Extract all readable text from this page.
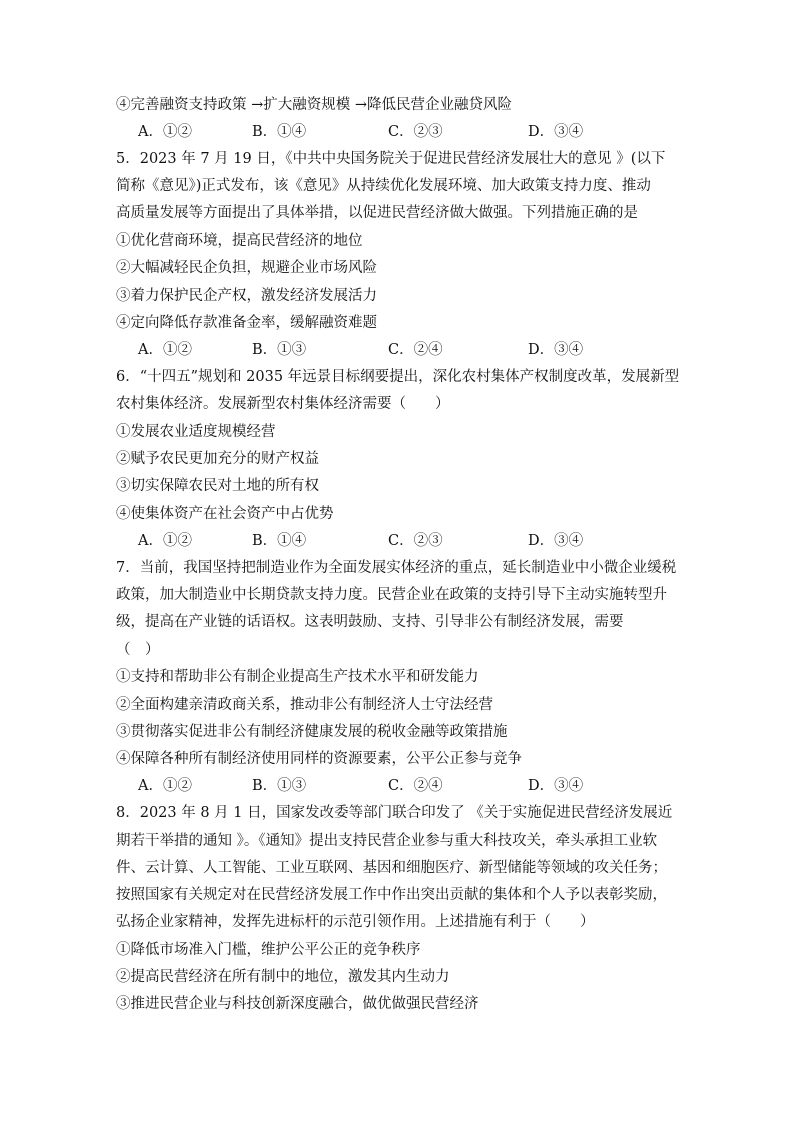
④完善融资支持政策 →扩大融资规模 →降低民营企业融贷风险
A．①②	B．①④	C．②③	D．③④
5．2023 年 7 月 19 日，《中共中央国务院关于促进民营经济发展壮大的意见 》(以下
简称《意见》)正式发布，该《意见》从持续优化发展环境、加大政策支持力度、推动
高质量发展等方面提出了具体举措，以促进民营经济做大做强。下列措施正确的是
①优化营商环境，提高民营经济的地位
②大幅减轻民企负担，规避企业市场风险
③着力保护民企产权，激发经济发展活力
④定向降低存款准备金率，缓解融资难题
A．①②	B．①③	C．②④	D．③④
6．“十四五”规划和 2035 年远景目标纲要提出，深化农村集体产权制度改革，发展新型
农村集体经济。发展新型农村集体经济需要（　　）
①发展农业适度规模经营
②赋予农民更加充分的财产权益
③切实保障农民对土地的所有权
④使集体资产在社会资产中占优势
A．①②	B．①④	C．②③	D．③④
7．当前，我国坚持把制造业作为全面发展实体经济的重点，延长制造业中小微企业缓税
政策，加大制造业中长期贷款支持力度。民营企业在政策的支持引导下主动实施转型升
级，提高在产业链的话语权。这表明鼓励、支持、引导非公有制经济发展，需要
（　）
①支持和帮助非公有制企业提高生产技术水平和研发能力
②全面构建亲清政商关系，推动非公有制经济人士守法经营
③贯彻落实促进非公有制经济健康发展的税收金融等政策措施
④保障各种所有制经济使用同样的资源要素，公平公正参与竞争
A．①②	B．①③	C．②④	D．③④
8．2023 年 8 月 1 日，国家发改委等部门联合印发了 《关于实施促进民营经济发展近
期若干举措的通知 》。《通知》提出支持民营企业参与重大科技攻关，牵头承担工业软
件、云计算、人工智能、工业互联网、基因和细胞医疗、新型储能等领域的攻关任务；
按照国家有关规定对在民营经济发展工作中作出突出贡献的集体和个人予以表彰奖励，
弘扬企业家精神，发挥先进标杆的示范引领作用。上述措施有利于（　　）
①降低市场准入门槛，维护公平公正的竞争秩序
②提高民营经济在所有制中的地位，激发其内生动力
③推进民营企业与科技创新深度融合，做优做强民营经济
